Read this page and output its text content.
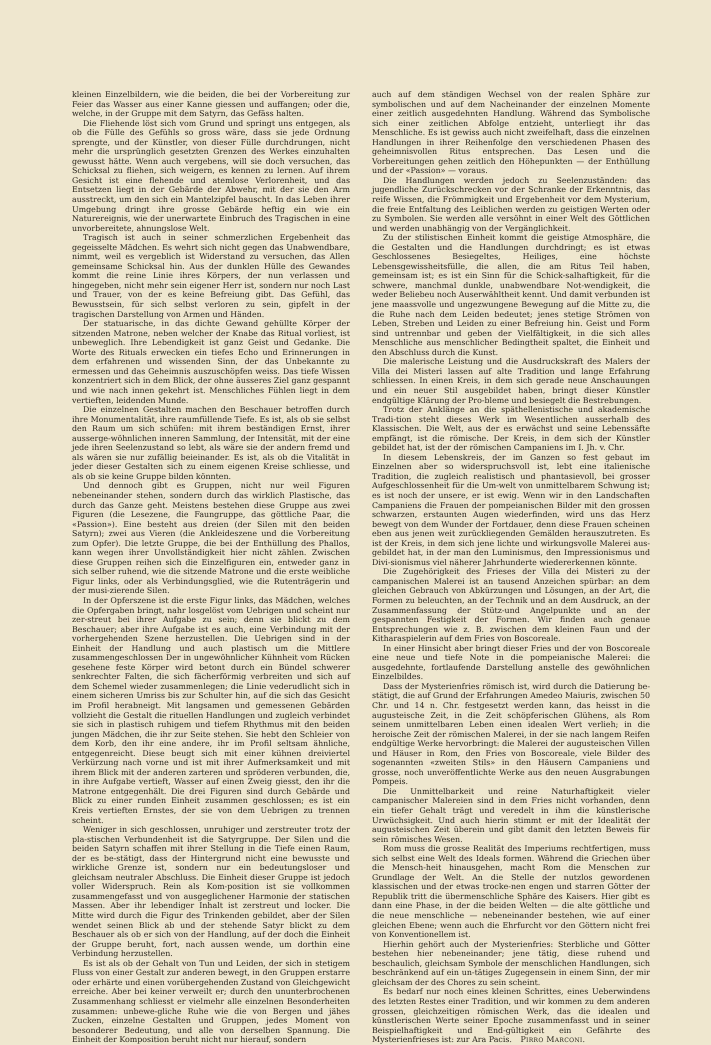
kleinen Einzelbildern, wie die beiden, die bei der Vorbereitung zur Feier das Wasser aus einer Kanne giessen und auffangen; oder die, welche, in der Gruppe mit dem Satyrn, das Gefäss halten.

Die Fliehende löst sich vom Grund und springt uns entgegen, als ob die Fülle des Gefühls so gross wäre, dass sie jede Ordnung sprengte, und der Künstler, von dieser Fülle durchdrungen, nicht mehr die ursprünglich gesetzten Grenzen des Werkes einzuhalten gewusst hätte. Wenn auch vergebens, will sie doch versuchen, das Schicksal zu fliehen, sich weigern, es kennen zu lernen. Auf ihrem Gesicht ist eine flehende und atemlose Verlorenheit, und das Entsetzen liegt in der Gebärde der Abwehr, mit der sie den Arm ausstreckt, um den sich ein Mantelzipfel bauscht. In das Leben ihrer Umgebung dringt ihre grosse Gebärde heftig ein wie ein Naturereignis, wie der unerwartete Einbruch des Tragischen in eine unvorbereitete, ahnungslose Welt.

Tragisch ist auch in seiner schmerzlichen Ergebenheit das gegeisselte Mädchen. Es wehrt sich nicht gegen das Unabwendbare, nimmt, weil es vergeblich ist Widerstand zu versuchen, das Allen gemeinsame Schicksal hin. Aus der dunklen Hülle des Gewandes kommt die reine Linie ihres Körpers, der nun verlassen und hingegeben, nicht mehr sein eigener Herr ist, sondern nur noch Last und Trauer, von der es keine Befreiung gibt. Das Gefühl, das Bewusstsein, für sich selbst verloren zu sein, gipfelt in der tragischen Darstellung von Armen und Händen.

Der statuarische, in das dichte Gewand gehüllte Körper der sitzenden Matrone, neben welcher der Knabe das Ritual vorliest, ist unbeweglich. Ihre Lebendigkeit ist ganz Geist und Gedanke. Die Worte des Rituals erwecken ein tiefes Echo und Erinnerungen in dem erfahrenen und wissenden Sinn, der das Unbekannte zu ermessen und das Geheimnis auszuschöpfen weiss. Das tiefe Wissen konzentriert sich in dem Blick, der ohne äusseres Ziel ganz gespannt und wie nach innen gekehrt ist. Menschliches Fühlen liegt in dem vertieften, leidenden Munde.

Die einzelnen Gestalten machen den Beschauer betroffen durch ihre Monumentalität, ihre raumfüllende Tiefe. Es ist, als ob sie selbst den Raum um sich schüfen: mit ihrem beständigen Ernst, ihrer ausserge-wöhnlichen inneren Sammlung, der Intensität, mit der eine jede ihren Seelenzustand so lebt, als wäre sie der andern fremd und als wären sie nur zufällig beieinander. Es ist, als ob die Vitalität in jeder dieser Gestalten sich zu einem eigenen Kreise schliesse, und als ob sie keine Gruppe bilden könnten.

Und dennoch gibt es Gruppen, nicht nur weil Figuren nebeneinander stehen, sondern durch das wirklich Plastische, das durch das Ganze geht. Meistens bestehen diese Gruppe aus zwei Figuren (die Lesezene, die Faungruppe, das göttliche Paar, die «Passion»). Eine besteht aus dreien (der Silen mit den beiden Satyrn); zwei aus Vieren (die Ankleideszene und die Vorbereitung zum Opfer). Die letzte Gruppe, die bei der Enthüllung des Phallos, kann wegen ihrer Unvollständigkeit hier nicht zählen. Zwischen diese Gruppen reihen sich die Einzelfiguren ein, entweder ganz in sich selber ruhend, wie die sitzende Matrone und die erste weibliche Figur links, oder als Verbindungsglied, wie die Rutenträgerin und der musi-zierende Silen.

In der Opferszene ist die erste Figur links, das Mädchen, welches die Opfergaben bringt, nahr losgelöst vom Uebrigen und scheint nur zer-streut bei ihrer Aufgabe zu sein; denn sie blickt zu dem Beschauer; aber ihre Aufgabe ist es auch, eine Verbindung mit der vorhergehenden Szene herzustellen. Die Uebrigen sind in der Einheit der Handlung und auch plastisch um die Mittlere zusammengeschlossen Der in ungewöhnlicher Kühnheit vom Rücken gesehene feste Körper wird betont durch ein Bündel schwerer senkrechter Falten, die sich fächerförmig verbreiten und sich auf dem Schemel wieder zusammenlegen; die Linie vederudlicht sich in einem sicheren Umriss bis zur Schulter hin, auf die sich das Gesicht im Profil herabneigt. Mit langsamen und gemessenen Gebärden vollzieht die Gestalt die rituellen Handlungen und zugleich verbindet sie sich in plastisch ruhigem und tiefem Rhythmus mit den beiden jungen Mädchen, die ihr zur Seite stehen. Sie hebt den Schleier von dem Korb, den ihr eine andere, ihr im Profil seltsam ähnliche, entgegenreicht. Diese beugt sich mit einer kühnen dreiviertel Verkürzung nach vorne und ist mit ihrer Aufmerksamkeit und mit ihrem Blick mit der anderen zarteren und spröderen verbunden, die, in ihre Aufgabe vertieft, Wasser auf einen Zweig giesst, den ihr die Matrone entgegenhält. Die drei Figuren sind durch Gebärde und Blick zu einer runden Einheit zusammen geschlossen; es ist ein Kreis vertieften Ernstes, der sie von dem Uebrigen zu trennen scheint.

Weniger in sich geschlossen, unruhiger und zerstreuter trotz der pla-stischen Verbundenheit ist die Satyrgruppe. Der Silen und die beiden Satyrn schaffen mit ihrer Stellung in die Tiefe einen Raum, der es be-stätigt, dass der Hintergrund nicht eine bewusste und wirkliche Grenze ist, sondern nur ein bedeutungsloser und gleichsam neutraler Abschluss. Die Einheit dieser Gruppe ist jedoch voller Widerspruch. Rein als Kom-position ist sie vollkommen zusammengefasst und von ausgeglichener Harmonie der statischen Massen. Aber ihr lebendiger Inhalt ist zerstreut und locker. Die Mitte wird durch die Figur des Trinkenden gebildet, aber der Silen wendet seinen Blick ab und der stehende Satyr blickt zu dem Beschauer als ob er sich von der Handlung, auf der doch die Einheit der Gruppe beruht, fort, nach aussen wende, um dorthin eine Verbindung herzustellen.

Es ist als ob der Gehalt von Tun und Leiden, der sich in stetigem Fluss von einer Gestalt zur anderen bewegt, in den Gruppen erstarre oder erhärte und einen vorübergehenden Zustand von Gleichgewicht erreiche. Aber bei keiner verweilt er; durch den ununterbrochenen Zusammenhang schliesst er vielmehr alle einzelnen Besonderheiten zusammen: unbewe-gliche Ruhe wie die von Bergen und jähes Zucken, einzelne Gestalten und Gruppen, jedes Moment von besonderer Bedeutung, und alle von derselben Spannung. Die Einheit der Komposition beruht nicht nur hierauf, sondern

auch auf dem ständigen Wechsel von der realen Sphäre zur symbolischen und auf dem Nacheinander der einzelnen Momente einer zeitlich ausgedehnten Handlung. Während das Symbolische sich einer zeitlichen Abfolge entzieht, unterliegt ihr das Menschliche. Es ist gewiss auch nicht zweifelhaft, dass die einzelnen Handlungen in ihrer Reihenfolge den verschiedenen Phasen des geheimnisvollen Ritus entsprechen. Das Lesen und die Vorbereitungen gehen zeitlich den Höhepunkten — der Enthüllung und der «Passion» — voraus.

Die Handlungen werden jedoch zu Seelenzuständen: das jugendliche Zurückschrecken vor der Schranke der Erkenntnis, das reife Wissen, die Frömmigkeit und Ergebenheit vor dem Mysterium, die freie Entfaltung des Leiblichen werden zu geistigen Werten oder zu Symbolen. Sie werden alle versöhnt in einer Welt des Göttlichen und werden unabhängig von der Vergänglichkeit.

Zu der stilistischen Einheit kommt die geistige Atmosphäre, die die Gestalten und die Handlungen durchdringt; es ist etwas Geschlossenes Besiegeltes, Heiliges, eine höchste Lebensgewissheitsfülle, die allen, die am Ritus Teil haben, gemeinsam ist; es ist ein Sinn für die Schick-salhaftigkeit, für die schwere, manchmal dunkle, unabwendbare Not-wendigkeit, die weder Beliebeu noch Auserwähltheit kennt. Und damit verbunden ist jene maassvolle und ungezwungene Bewegung auf die Mitte zu, die die Ruhe nach dem Leiden bedeutet; jenes stetige Strömen von Leben, Streben und Leiden zu einer Befreiung hin. Geist und Form sind untrennbar und geben der Vielfältigkeit, in die sich alles Menschliche aus menschlicher Bedingtheit spaltet, die Einheit und den Abschluss durch die Kunst.

Die malerische Leistung und die Ausdruckskraft des Malers der Villa dei Misteri lassen auf alte Tradition und lange Erfahrung schliessen. In einen Kreis, in dem sich gerade neue Anschauungen und ein neuer Stil ausgebildet haben, bringt dieser Künstler endgültige Klärung der Pro-bleme und besiegelt die Bestrebungen.

Trotz der Anklänge an die späthellenistische und akademische Tradi-tion steht dieses Werk im Wesentlichen ausserhalb des Klassischen. Die Welt, aus der es erwächst und seine Lebenssäfte empfängt, ist die römische. Der Kreis, in dem sich der Künstler gebildet hat, ist der der römischen Campaniens im I. Jh. v. Chr.

In diesem Lebenskreis, der im Ganzen so fest gebaut im Einzelnen aber so widerspruchsvoll ist, lebt eine italienische Tradition, die zugleich realistisch und phantasievoll, bei grosser Aufgeschlossenheit für die Um-welt von unmittelbarem Schwung ist; es ist noch der unsere, er ist ewig. Wenn wir in den Landschaften Campaniens die Frauen der pompeianischen Bilder mit den grossen schwarzen, erstaunten Augen wiederfinden, wird uns das Herz bewegt von dem Wunder der Fortdauer, denn diese Frauen scheinen eben aus jenen weit zurückliegenden Gemälden herauszutreten. Es ist der Kreis, in dem sich jene lichte und wirkungsvolle Malerei aus-gebildet hat, in der man den Luminismus, den Impressionismus und Divi-sionismus viel näherer Jahrhunderte wiedererkennen könnte.

Die Zugehörigkeit des Frieses der Villa dei Misteri zu der campanischen Malerei ist an tausend Anzeichen spürbar: an dem gleichen Gebrauch von Abkürzungen und Lösungen, an der Art, die Formen zu beleuchten, an der Technik und an dem Ausdruck, an der Zusammenfassung der Stütz-und Angelpunkte und an der gespannten Festigkeit der Formen. Wir finden auch genaue Entsprechungen wie z. B. zwischen dem kleinen Faun und der Kitharaspielerin auf dem Fries von Boscoreale.

In einer Hinsicht aber bringt dieser Fries und der von Boscoreale eine neue und tiefe Note in die pompeianische Malerei: die ausgedehnte, fortlaufende Darstellung anstelle des gewöhnlichen Einzelbildes.

Dass der Mysterienfries römisch ist, wird durch die Datierung be-stätigt, die auf Grund der Erfahrungen Amedeo Maiuris, zwischen 50 Chr. und 14 n. Chr. festgesetzt werden kann, das heisst in die augusteische Zeit, in die Zeit schöpferischen Glühens, als Rom seinem unmittelbaren Leben einen idealen Wert verlieh; in die heroische Zeit der römischen Malerei, in der sie nach langem Reifen endgültige Werke hervorbringt: die Malerei der augusteischen Villen und Häuser in Rom, den Fries von Boscoreale, viele Bilder des sogenannten «zweiten Stils» in den Häusern Campaniens und grosse, noch unveröffentlichte Werke aus den neuen Ausgrabungen Pompeis.

Die Unmittelbarkeit und reine Naturhaftigkeit vieler campanischer Malereien sind in dem Fries nicht vorhanden, denn ein tiefer Gehalt trägt und veredelt in ihm die künstlerische Urwüchsigkeit. Und auch hierin stimmt er mit der Idealität der augusteischen Zeit überein und gibt damit den letzten Beweis für sein römisches Wesen.

Rom muss die grosse Realität des Imperiums rechtfertigen, muss sich selbst eine Welt des Ideals formen. Während die Griechen über die Mensch-heit hinausgehen, macht Rom die Menschen zur Grundlage der Welt. An die Stelle der nutzlos gewordenen klassischen und der etwas trocke-nen engen und starren Götter der Republik tritt die übermenschliche Sphäre des Kaisers. Hier gibt es dann eine Phase, in der die beiden Welten — die alte göttliche und die neue menschliche — nebeneinander bestehen, wie auf einer gleichen Ebene; wenn auch die Ehrfurcht vor den Göttern nicht frei von Konventionellem ist.

Hierhin gehört auch der Mysterienfries: Sterbliche und Götter bestehen hier nebeneinander; jene tätig, diese ruhend und beschaulich, gleichsam Symbole der menschlichen Handlungen, sich beschränkend auf ein un-tätiges Zugegensein in einem Sinn, der mir gleichsam der des Chores zu sein scheint.

Es bedarf nur noch eines kleinen Schrittes, eines Ueberwindens des letzten Restes einer Tradition, und wir kommen zu dem anderen grossen, gleichzeitigen römischen Werk, das die idealen und künstlerischen Werte seiner Epoche zusammenfasst und in seiner Beispielhaftigkeit und End-gültigkeit ein Gefährte des Mysterienfrieses ist: zur Ara Pacis. Pirro Marconi.
